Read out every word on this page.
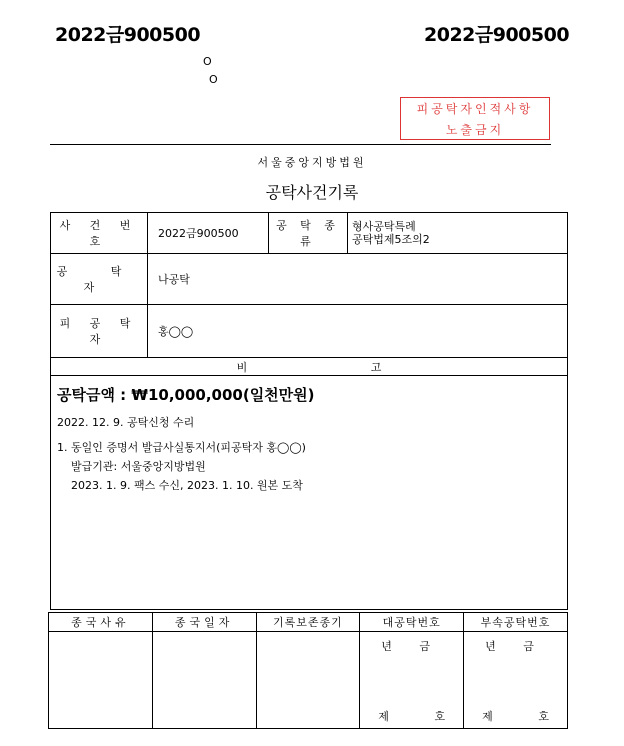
2022금900500	2022금900500
O
O
피공탁자인적사항
노출금지
서울중앙지방법원
공탁사건기록
사 건 번 호	2022금900500	공 탁 종 류	형사공탁특례
공탁법제5조의2

공 탁 자	나공탁		
피 공 탁 자	홍◯◯		
비 고			

공탁금액 : ₩10,000,000(일천만원)
2022. 12. 9. 공탁신청 수리
1. 동일인 증명서 발급사실통지서(피공탁자 홍◯◯)
발급기관: 서울중앙지방법원
2023. 1. 9. 팩스 수신, 2023. 1. 10. 원본 도착			
종국사유	종국일자	기록보존종기	대공탁번호	부속공탁번호

			년 금
제 호	년 금
제 호
